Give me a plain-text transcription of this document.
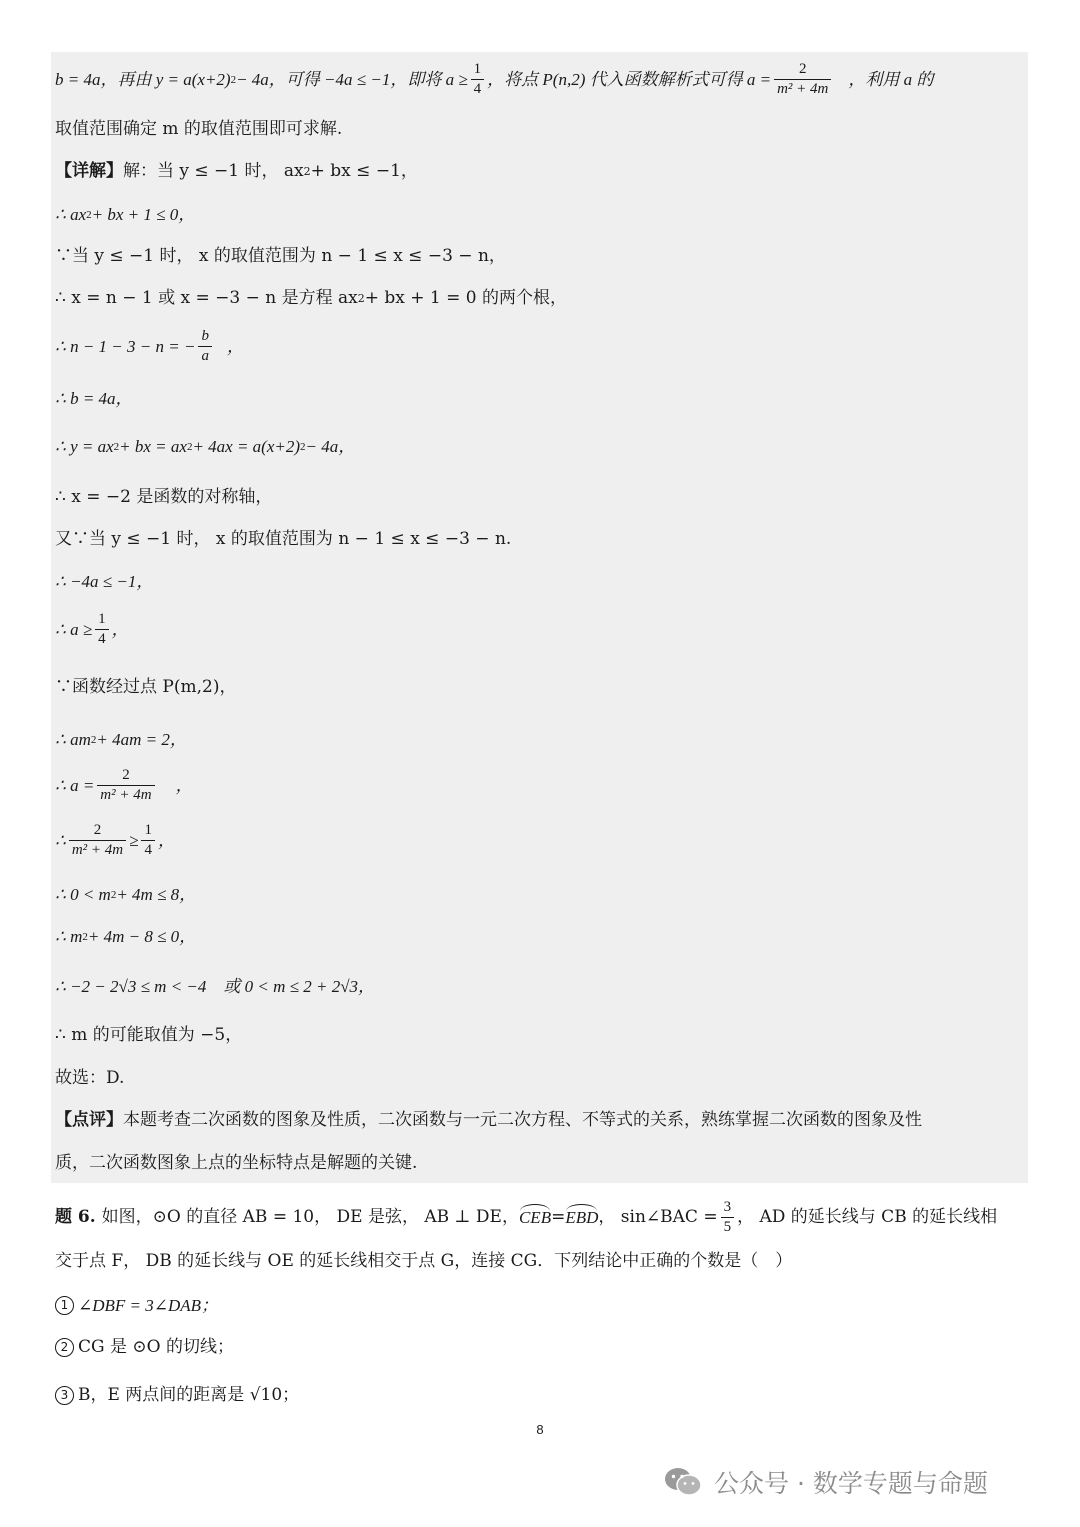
b = 4a，再由 y = a(x+2) 2 − 4a，可得 −4a ≤ −1，即将 $a \ge \frac{1}{4}$ ，将点 P(n,2) 代入函数解析式可得 $a = \frac{2}{\text{m² + 4m}}$ ，利用 a 的
取值范围确定 m 的取值范围即可求解.
【详解】 解：当 y ≤ −1 时， ax 2 + bx ≤ −1，
∴ ax 2 + bx + 1 ≤ 0，
∵当 y ≤ −1 时， x 的取值范围为 n − 1 ≤ x ≤ −3 − n，
∴ x = n − 1 或 x = −3 − n 是方程 ax 2 + bx + 1 = 0 的两个根，
∴ n − 1 − 3 − n = − $\frac{b}{a}$ ，
∴ b = 4a，
∴ y = ax 2 + bx = ax 2 + 4ax = a(x+2) 2 − 4a，
∴ x = −2 是函数的对称轴，
又∵当 y ≤ −1 时， x 的取值范围为 n − 1 ≤ x ≤ −3 − n.
∴ −4a ≤ −1，
∴ $a \ge \frac{1}{4}$ ，
∵函数经过点 P(m,2)，
∴ am 2 + 4am = 2，
∴ $a = \frac{2}{\text{m² + 4m}}$ ，
∴ $\frac{2}{\text{m² + 4m}} \ge \frac{1}{4}$ ，
∴ 0 < m 2 + 4m ≤ 8，
∴ m 2 + 4m − 8 ≤ 0，
∴ −2 − 2√3 ≤ m < −4　或 0 < m ≤ 2 + 2√3，
∴ m 的可能取值为 −5，
故选：D.
【点评】 本题考查二次函数的图象及性质，二次函数与一元二次方程、不等式的关系，熟练掌握二次函数的图象及性
质，二次函数图象上点的坐标特点是解题的关键.
题 6. 如图，⊙O 的直径 AB = 10， DE 是弦， AB ⊥ DE， CEB = EBD ， sin∠BAC = $\frac{3}{5}$ ， AD 的延长线与 CB 的延长线相
交于点 F， DB 的延长线与 OE 的延长线相交于点 G，连接 CG．下列结论中正确的个数是（　）
1 ∠DBF = 3∠DAB；
2 CG 是 ⊙O 的切线；
3 B，E 两点间的距离是 √10；
8
公众号 · 数学专题与命题
